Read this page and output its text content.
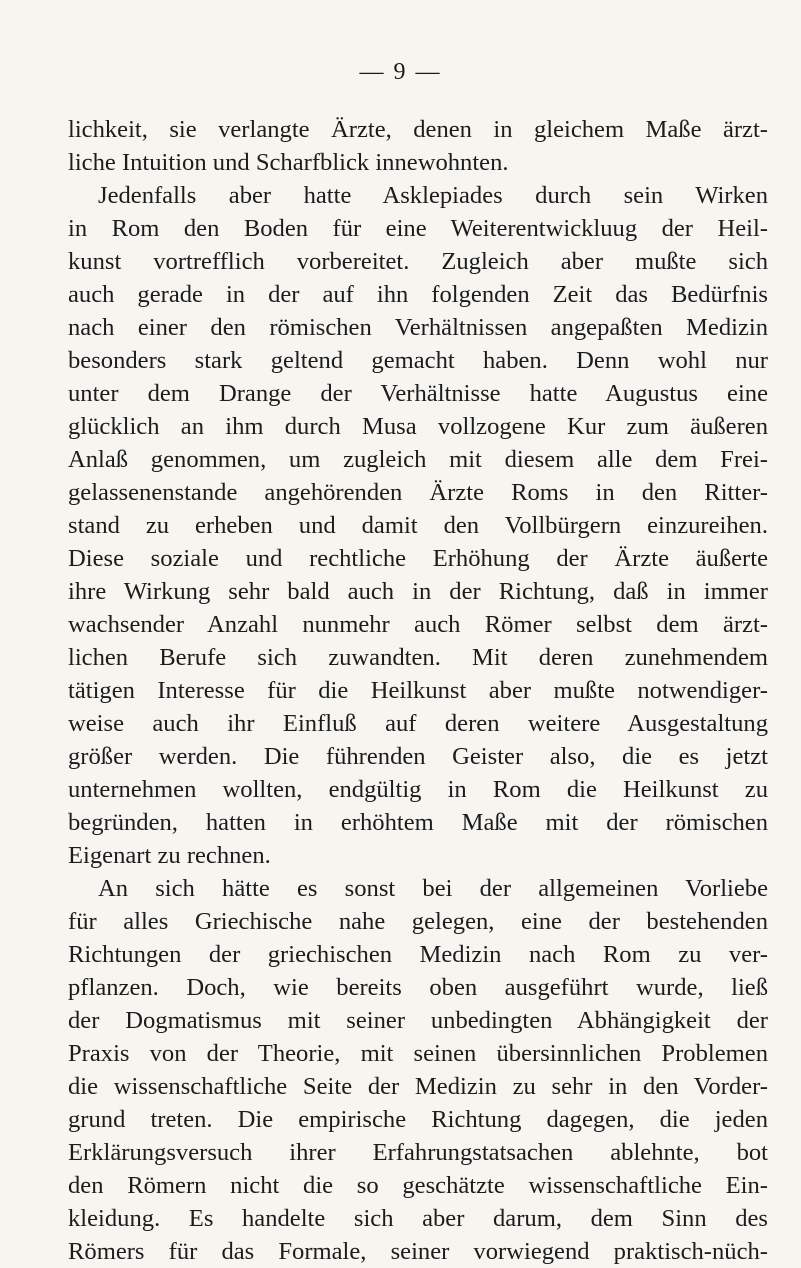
— 9 —
lichkeit, sie verlangte Ärzte, denen in gleichem Maße ärzt-
liche Intuition und Scharfblick innewohnten.
Jedenfalls aber hatte Asklepiades durch sein Wirken
in Rom den Boden für eine Weiterentwickluug der Heil-
kunst vortrefflich vorbereitet. Zugleich aber mußte sich
auch gerade in der auf ihn folgenden Zeit das Bedürfnis
nach einer den römischen Verhältnissen angepaßten Medizin
besonders stark geltend gemacht haben. Denn wohl nur
unter dem Drange der Verhältnisse hatte Augustus eine
glücklich an ihm durch Musa vollzogene Kur zum äußeren
Anlaß genommen, um zugleich mit diesem alle dem Frei-
gelassenenstande angehörenden Ärzte Roms in den Ritter-
stand zu erheben und damit den Vollbürgern einzureihen.
Diese soziale und rechtliche Erhöhung der Ärzte äußerte
ihre Wirkung sehr bald auch in der Richtung, daß in immer
wachsender Anzahl nunmehr auch Römer selbst dem ärzt-
lichen Berufe sich zuwandten. Mit deren zunehmendem
tätigen Interesse für die Heilkunst aber mußte notwendiger-
weise auch ihr Einfluß auf deren weitere Ausgestaltung
größer werden. Die führenden Geister also, die es jetzt
unternehmen wollten, endgültig in Rom die Heilkunst zu
begründen, hatten in erhöhtem Maße mit der römischen
Eigenart zu rechnen.
An sich hätte es sonst bei der allgemeinen Vorliebe
für alles Griechische nahe gelegen, eine der bestehenden
Richtungen der griechischen Medizin nach Rom zu ver-
pflanzen. Doch, wie bereits oben ausgeführt wurde, ließ
der Dogmatismus mit seiner unbedingten Abhängigkeit der
Praxis von der Theorie, mit seinen übersinnlichen Problemen
die wissenschaftliche Seite der Medizin zu sehr in den Vorder-
grund treten. Die empirische Richtung dagegen, die jeden
Erklärungsversuch ihrer Erfahrungstatsachen ablehnte, bot
den Römern nicht die so geschätzte wissenschaftliche Ein-
kleidung. Es handelte sich aber darum, dem Sinn des
Römers für das Formale, seiner vorwiegend praktisch-nüch-
